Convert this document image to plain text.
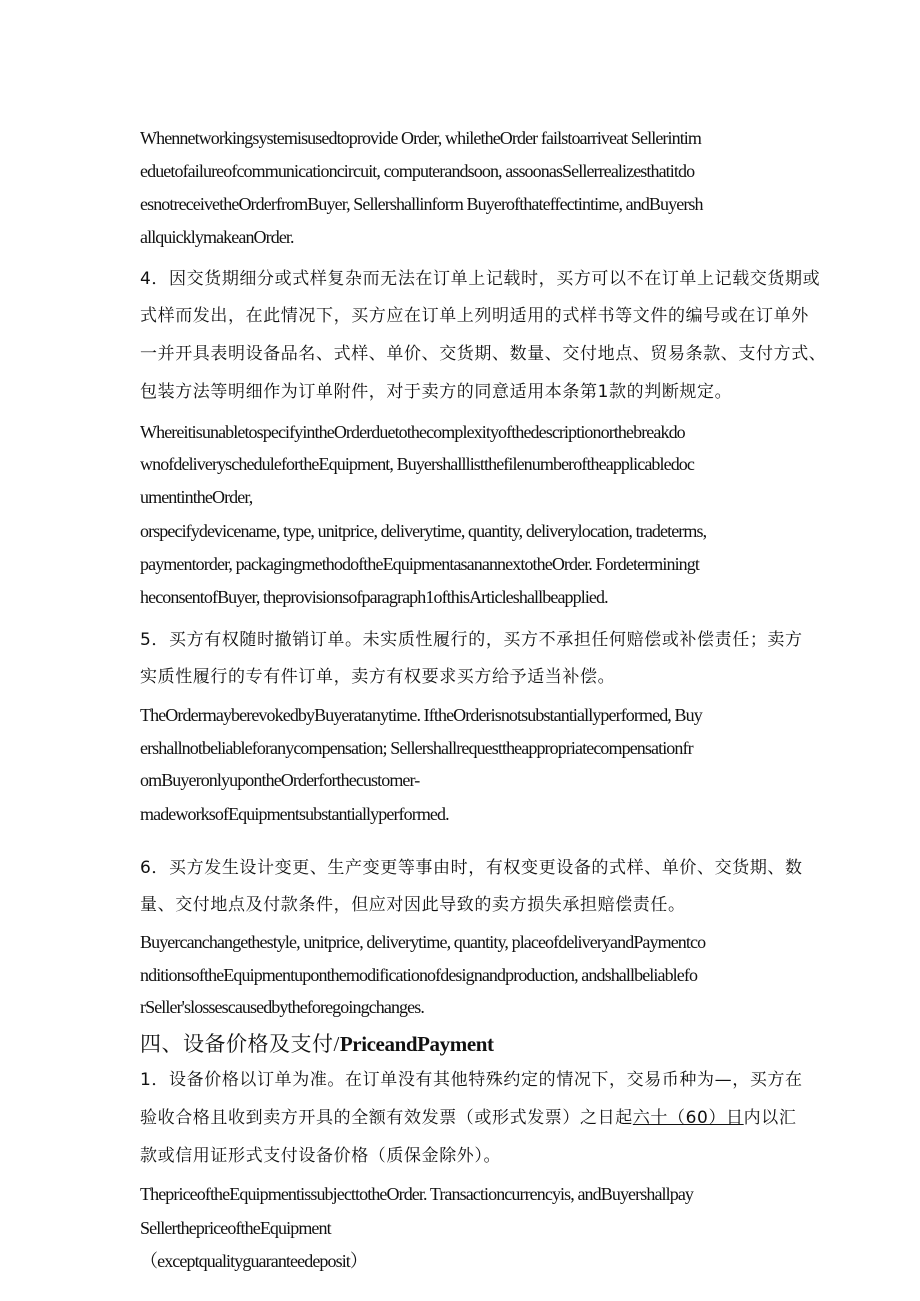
Whennetworkingsystemisusedtoprovide Order, whiletheOrder failstoarriveat Sellerintim

eduetofailureofcommunicationcircuit, computerandsoon, assoonasSellerrealizesthatitdo

esnotreceivetheOrderfromBuyer, Sellershallinform Buyerofthateffectintime, andBuyersh

allquicklymakeanOrder.

4．因交货期细分或式样复杂而无法在订单上记载时，买方可以不在订单上记载交货期或

式样而发出，在此情况下，买方应在订单上列明适用的式样书等文件的编号或在订单外

一并开具表明设备品名、式样、单价、交货期、数量、交付地点、贸易条款、支付方式、

包装方法等明细作为订单附件，对于卖方的同意适用本条第1款的判断规定。

WhereitisunabletospecifyintheOrderduetothecomplexityofthedescriptionorthebreakdo

wnofdeliveryschedulefortheEquipment, Buyershalllistthefilenumberoftheapplicabledoc

umentintheOrder,

orspecifydevicename, type, unitprice, deliverytime, quantity, deliverylocation, tradeterms,

paymentorder, packagingmethodoftheEquipmentasanannextotheOrder. Fordeterminingt

heconsentofBuyer, theprovisionsofparagraph1ofthisArticleshallbeapplied.

5．买方有权随时撤销订单。未实质性履行的，买方不承担任何赔偿或补偿责任；卖方

实质性履行的专有件订单，卖方有权要求买方给予适当补偿。

TheOrdermayberevokedbyBuyeratanytime. IftheOrderisnotsubstantiallyperformed, Buy

ershallnotbeliableforanycompensation; Sellershallrequesttheappropriatecompensationfr

omBuyeronlyupontheOrderforthecustomer-

madeworksofEquipmentsubstantiallyperformed.

6．买方发生设计变更、生产变更等事由时，有权变更设备的式样、单价、交货期、数

量、交付地点及付款条件，但应对因此导致的卖方损失承担赔偿责任。

Buyercanchangethestyle, unitprice, deliverytime, quantity, placeofdeliveryandPaymentco

nditionsoftheEquipmentuponthemodificationofdesignandproduction, andshallbeliablefo

rSeller'slossescausedbytheforegoingchanges.

四、设备价格及支付/PriceandPayment

1．设备价格以订单为准。在订单没有其他特殊约定的情况下，交易币种为—，买方在

验收合格且收到卖方开具的全额有效发票（或形式发票）之日起六十（60）日内以汇

款或信用证形式支付设备价格（质保金除外）。

ThepriceoftheEquipmentissubjecttotheOrder. Transactioncurrencyis, andBuyershallpay

SellerthepriceoftheEquipment

（exceptqualityguaranteedeposit）
